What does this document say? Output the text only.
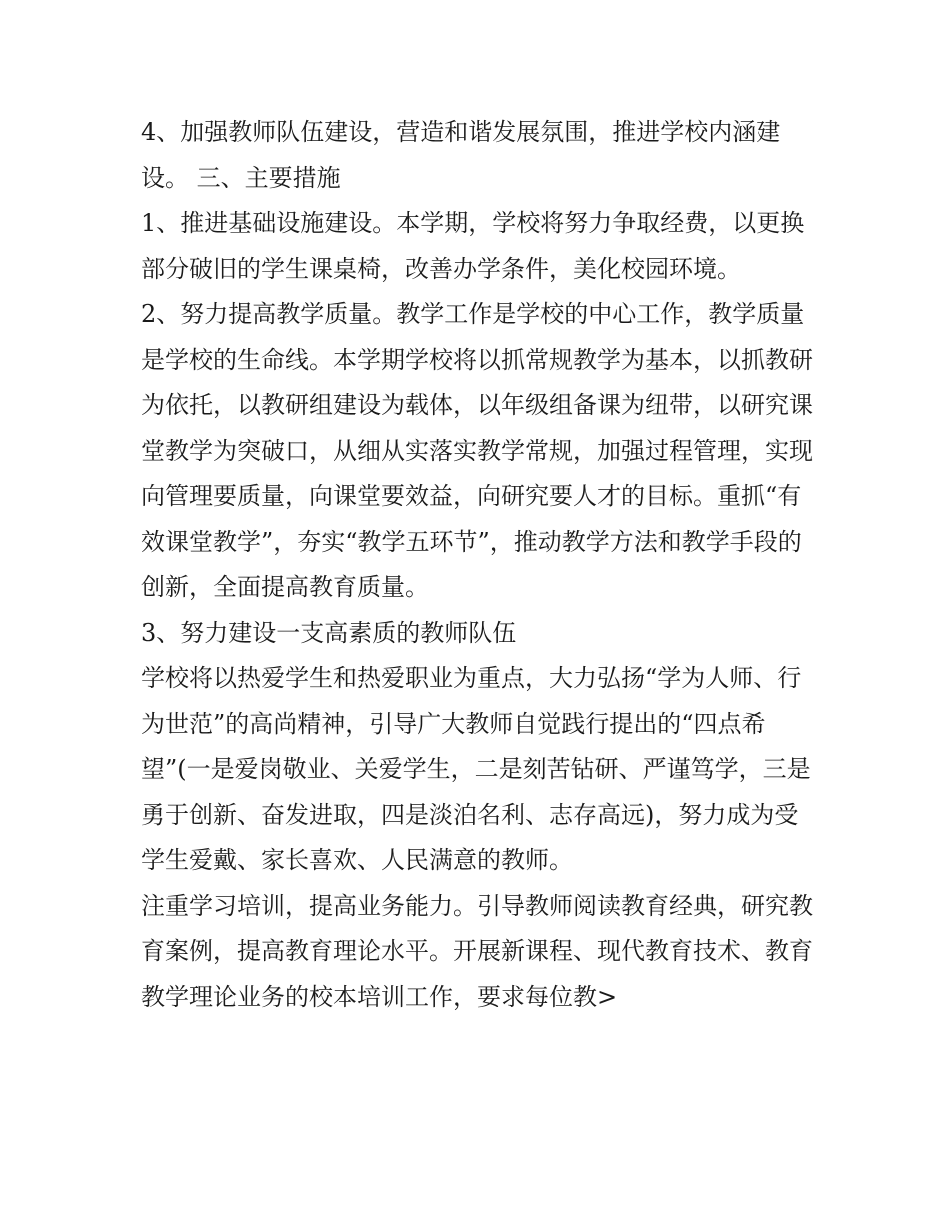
4、加强教师队伍建设，营造和谐发展氛围，推进学校内涵建设。 三、主要措施

1、推进基础设施建设。本学期，学校将努力争取经费，以更换部分破旧的学生课桌椅，改善办学条件，美化校园环境。

2、努力提高教学质量。教学工作是学校的中心工作，教学质量是学校的生命线。本学期学校将以抓常规教学为基本，以抓教研为依托，以教研组建设为载体，以年级组备课为纽带，以研究课堂教学为突破口，从细从实落实教学常规，加强过程管理，实现向管理要质量，向课堂要效益，向研究要人才的目标。重抓“有效课堂教学”，夯实“教学五环节”，推动教学方法和教学手段的创新，全面提高教育质量。

3、努力建设一支高素质的教师队伍

学校将以热爱学生和热爱职业为重点，大力弘扬“学为人师、行为世范”的高尚精神，引导广大教师自觉践行提出的“四点希望”(一是爱岗敬业、关爱学生，二是刻苦钻研、严谨笃学，三是勇于创新、奋发进取，四是淡泊名利、志存高远)，努力成为受学生爱戴、家长喜欢、人民满意的教师。

注重学习培训，提高业务能力。引导教师阅读教育经典，研究教育案例，提高教育理论水平。开展新课程、现代教育技术、教育教学理论业务的校本培训工作，要求每位教>
